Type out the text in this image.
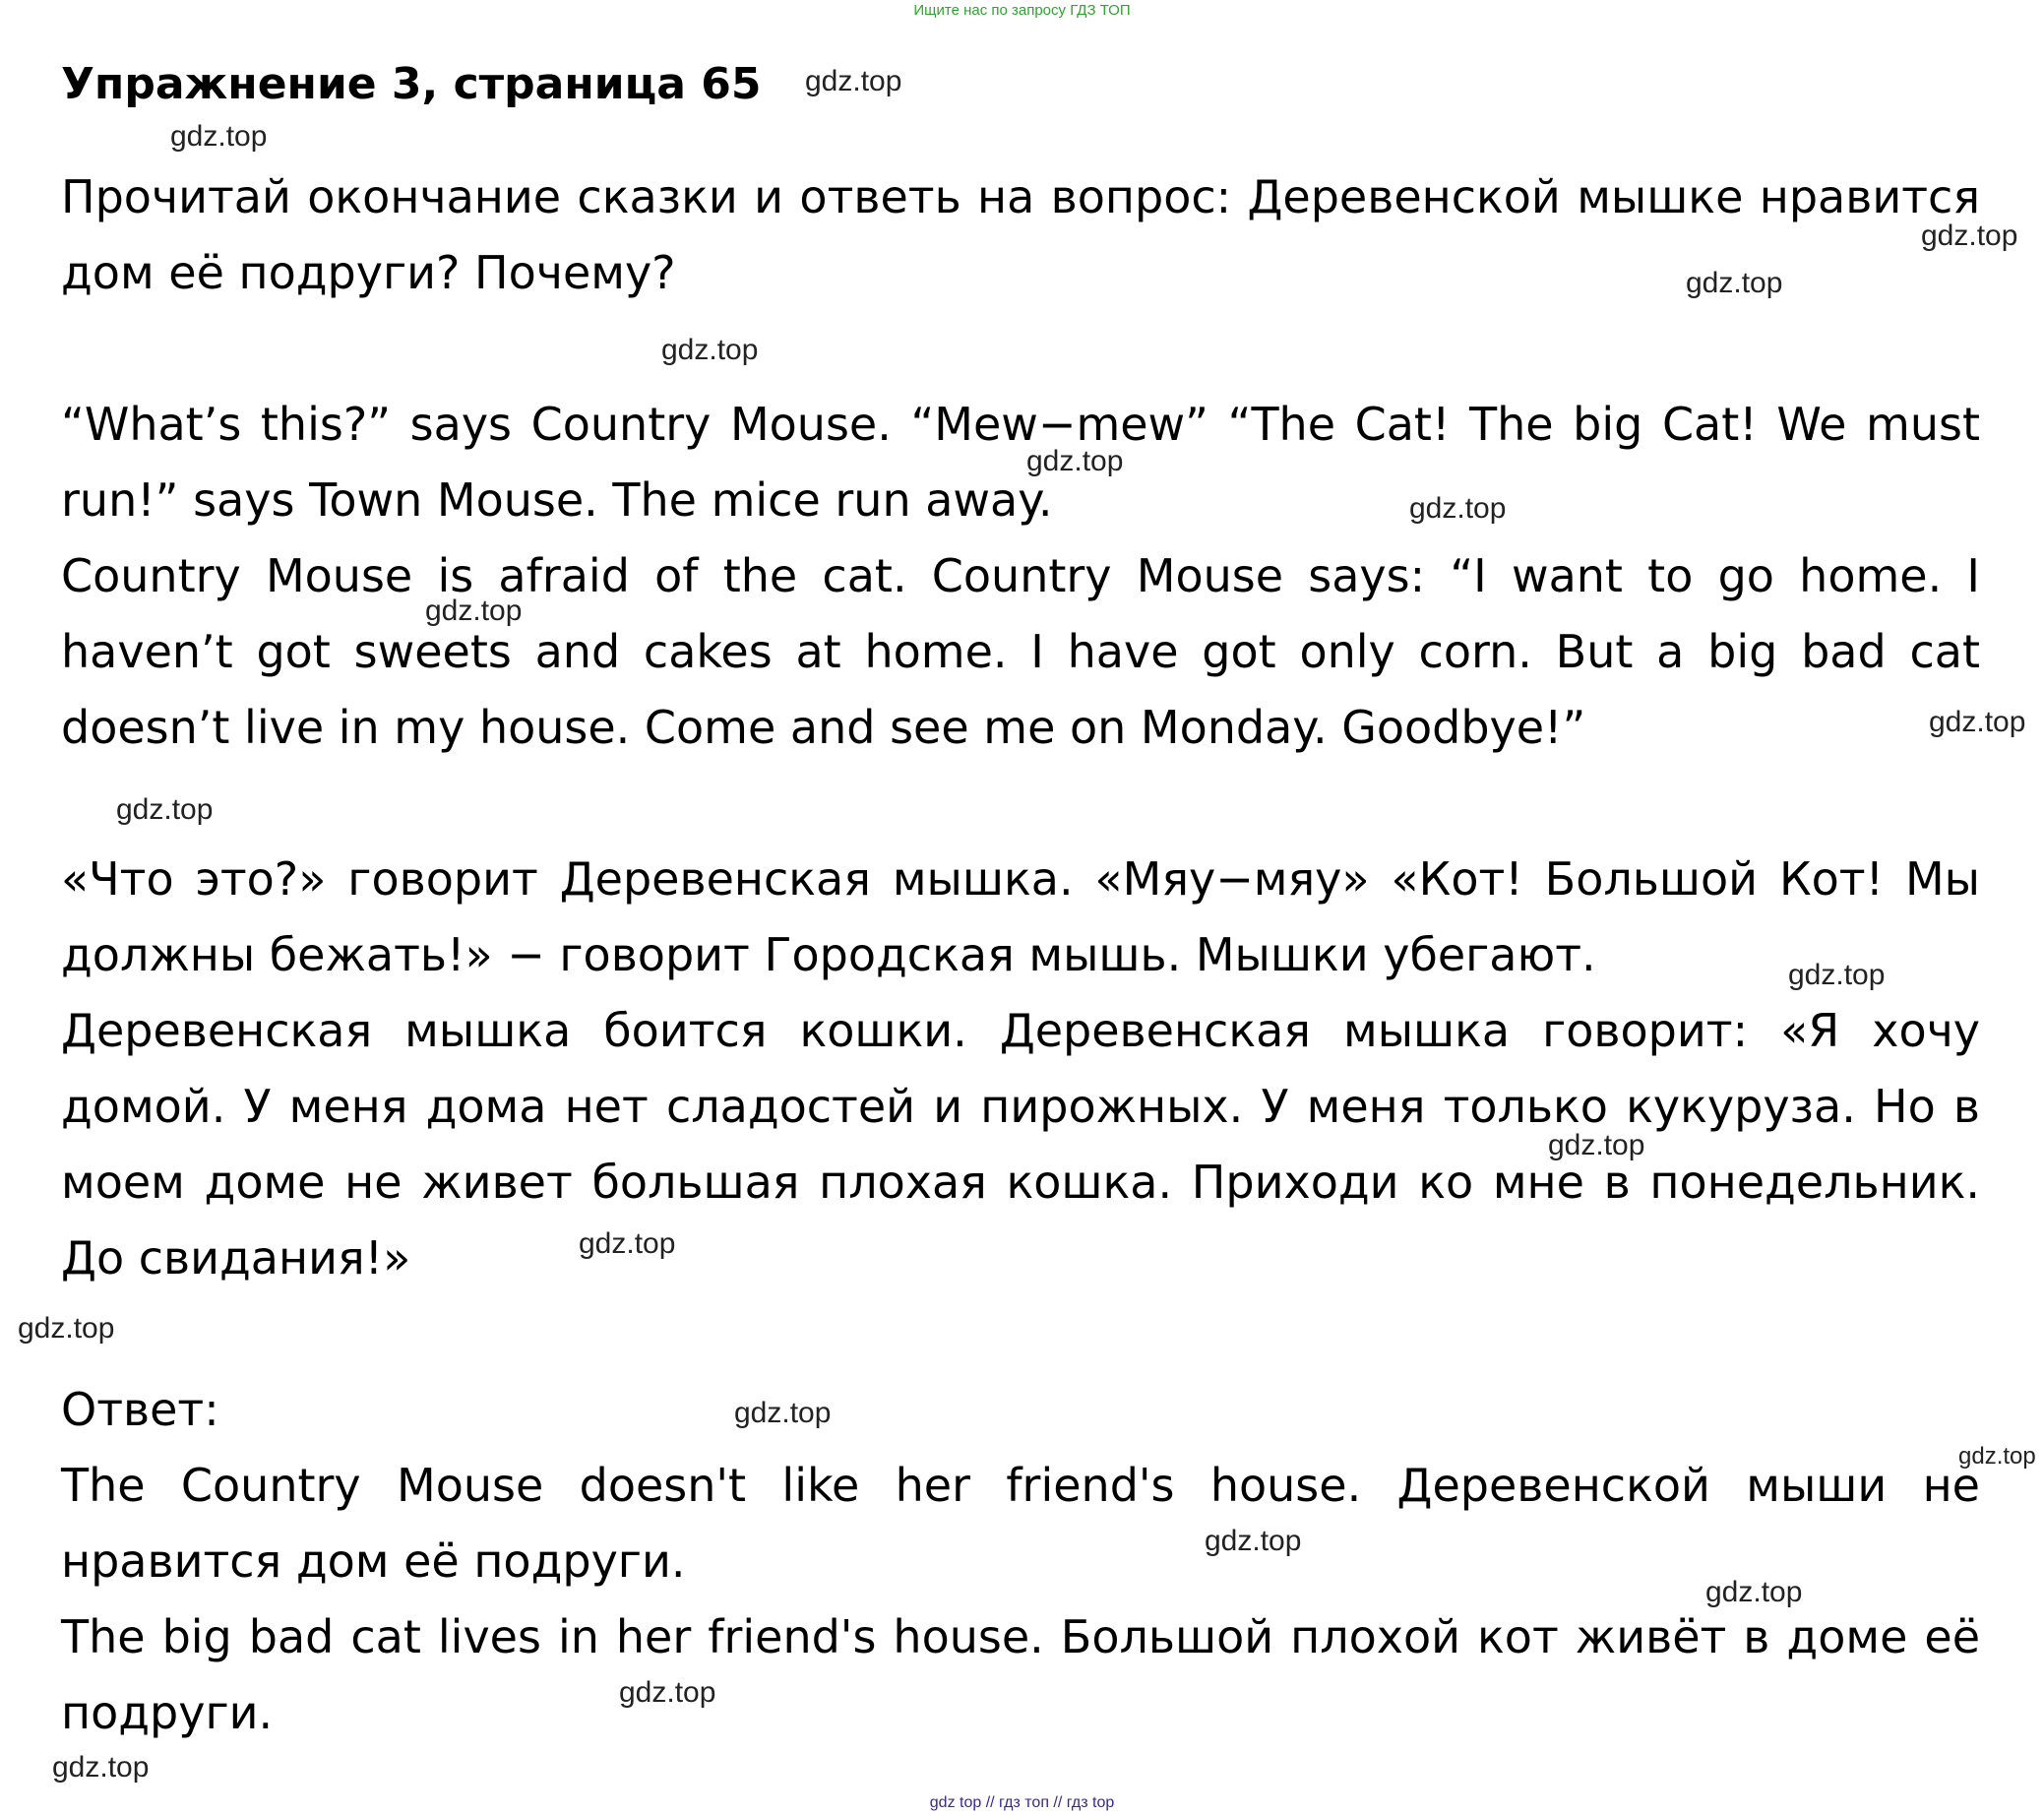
Ищите нас по запросу ГДЗ ТОП
Упражнение 3, страница 65

Прочитай окончание сказки и ответь на вопрос: Деревенской мышке нравится дом её подруги? Почему?

“What’s this?” says Country Mouse. “Mew−mew” “The Cat! The big Cat! We must run!” says Town Mouse. The mice run away.

Country Mouse is afraid of the cat. Country Mouse says: “I want to go home. I haven’t got sweets and cakes at home. I have got only corn. But a big bad cat doesn’t live in my house. Come and see me on Monday. Goodbye!”

«Что это?» говорит Деревенская мышка. «Мяу−мяу» «Кот! Большой Кот! Мы должны бежать!» − говорит Городская мышь. Мышки убегают.

Деревенская мышка боится кошки. Деревенская мышка говорит: «Я хочу домой. У меня дома нет сладостей и пирожных. У меня только кукуруза. Но в моем доме не живет большая плохая кошка. Приходи ко мне в понедельник. До свидания!»

Ответ:

The Country Mouse doesn't like her friend's house. Деревенской мыши не нравится дом её подруги.

The big bad cat lives in her friend's house. Большой плохой кот живёт в доме её подруги.

gdz.top
gdz.top
gdz.top
gdz.top
gdz.top
gdz.top
gdz.top
gdz.top
gdz.top
gdz.top
gdz.top
gdz.top
gdz.top
gdz.top
gdz.top
gdz.top
gdz.top
gdz.top
gdz.top
gdz.top
gdz top // гдз топ // гдз top
